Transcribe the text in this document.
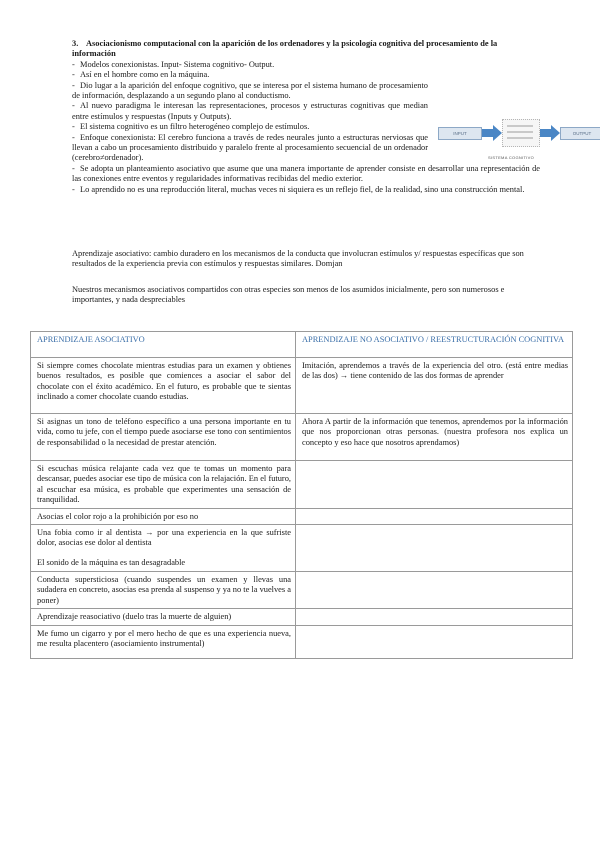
3. Asociacionismo computacional con la aparición de los ordenadores y la psicología cognitiva del procesamiento de la información
- Modelos conexionistas. Input- Sistema cognitivo- Output.
- Así en el hombre como en la máquina.
- Dio lugar a la aparición del enfoque cognitivo, que se interesa por el sistema humano de procesamiento de información, desplazando a un segundo plano al conductismo.
- Al nuevo paradigma le interesan las representaciones, procesos y estructuras cognitivas que median entre estímulos y respuestas (Inputs y Outputs).
- El sistema cognitivo es un filtro heterogéneo complejo de estímulos.
- Enfoque conexionista: El cerebro funciona a través de redes neurales junto a estructuras nerviosas que llevan a cabo un procesamiento distribuido y paralelo frente al procesamiento secuencial de un ordenador (cerebro≠ordenador).
- Se adopta un planteamiento asociativo que asume que una manera importante de aprender consiste en desarrollar una representación de las conexiones entre eventos y regularidades informativas recibidas del medio exterior.
- Lo aprendido no es una reproducción literal, muchas veces ni siquiera es un reflejo fiel, de la realidad, sino una construcción mental.
INPUT	OUTPUT
SISTEMA COGNITIVO

Aprendizaje asociativo: cambio duradero en los mecanismos de la conducta que involucran estímulos y/ respuestas específicas que son resultados de la experiencia previa con estímulos y respuestas similares. Domjan

Nuestros mecanismos asociativos compartidos con otras especies son menos de los asumidos inicialmente, pero son numerosos e importantes, y nada despreciables

APRENDIZAJE ASOCIATIVO	APRENDIZAJE NO ASOCIATIVO / REESTRUCTURACIÓN COGNITIVA
Si siempre comes chocolate mientras estudias para un examen y obtienes buenos resultados, es posible que comiences a asociar el sabor del chocolate con el éxito académico. En el futuro, es probable que te sientas inclinado a comer chocolate cuando estudias.	Imitación, aprendemos a través de la experiencia del otro. (está entre medias de las dos) → tiene contenido de las dos formas de aprender
Si asignas un tono de teléfono específico a una persona importante en tu vida, como tu jefe, con el tiempo puede asociarse ese tono con sentimientos de responsabilidad o la necesidad de prestar atención.	Ahora A partir de la información que tenemos, aprendemos por la información que nos proporcionan otras personas. (nuestra profesora nos explica un concepto y eso hace que nosotros aprendamos)
Si escuchas música relajante cada vez que te tomas un momento para descansar, puedes asociar ese tipo de música con la relajación. En el futuro, al escuchar esa música, es probable que experimentes una sensación de tranquilidad.	
Asocias el color rojo a la prohibición por eso no	
Una fobia como ir al dentista → por una experiencia en la que sufriste dolor, asocias ese dolor al dentista
El sonido de la máquina es tan desagradable	
Conducta supersticiosa (cuando suspendes un examen y llevas una sudadera en concreto, asocias esa prenda al suspenso y ya no te la vuelves a poner)	
Aprendizaje reasociativo (duelo tras la muerte de alguien)	
Me fumo un cigarro y por el mero hecho de que es una experiencia nueva, me resulta placentero (asociamiento instrumental)	
